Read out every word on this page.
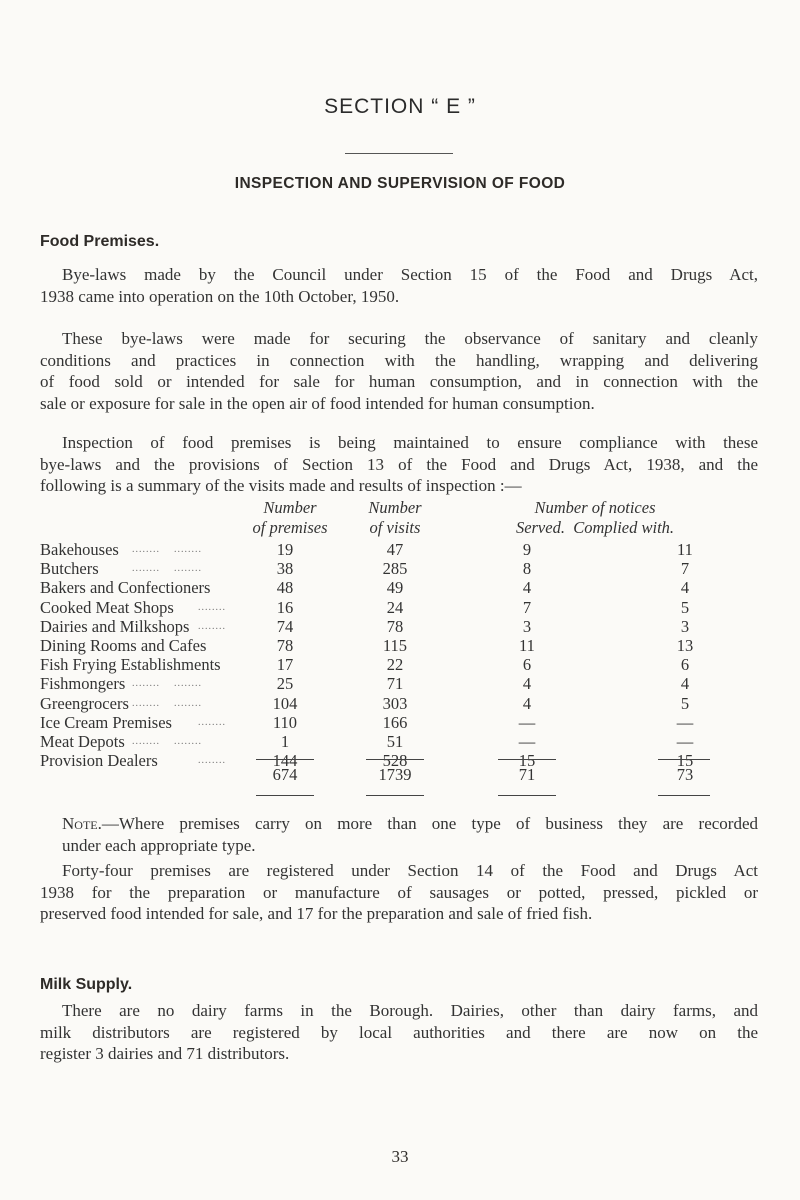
SECTION “ E ”
INSPECTION AND SUPERVISION OF FOOD
Food Premises.
Bye-laws made by the Council under Section 15 of the Food and Drugs Act,
1938 came into operation on the 10th October, 1950.
These bye-laws were made for securing the observance of sanitary and cleanly
conditions and practices in connection with the handling, wrapping and delivering
of food sold or intended for sale for human consumption, and in connection with the
sale or exposure for sale in the open air of food intended for human consumption.
Inspection of food premises is being maintained to ensure compliance with these
bye-laws and the provisions of Section 13 of the Food and Drugs Act, 1938, and the
following is a summary of the visits made and results of inspection :—
Number
of premises
Number
of visits
Number of notices
Served.  Complied with.
Bakehouses ........    ........	19	47	9	11
Butchers	........    ........	38	285	8	7
Bakers and Confectioners	48	49	4	4
Cooked Meat Shops ........	16	24	7	5
Dairies and Milkshops ........	74	78	3	3
Dining Rooms and Cafes	78	115	11	13
Fish Frying Establishments	17	22	6	6
Fishmongers ........    ........	25	71	4	4
Greengrocers ........    ........	104	303	4	5
Ice Cream Premises	........	110	166	—	—
Meat Depots ........    ........	1	51	—	—
Provision Dealers	........	144	528	15	15
674	1739	71	73
Note.—Where premises carry on more than one type of business they are recorded
under each appropriate type.
Forty-four premises are registered under Section 14 of the Food and Drugs Act
1938 for the preparation or manufacture of sausages or potted, pressed, pickled or
preserved food intended for sale, and 17 for the preparation and sale of fried fish.
Milk Supply.
There are no dairy farms in the Borough. Dairies, other than dairy farms, and
milk distributors are registered by local authorities and there are now on the
register 3 dairies and 71 distributors.
33
